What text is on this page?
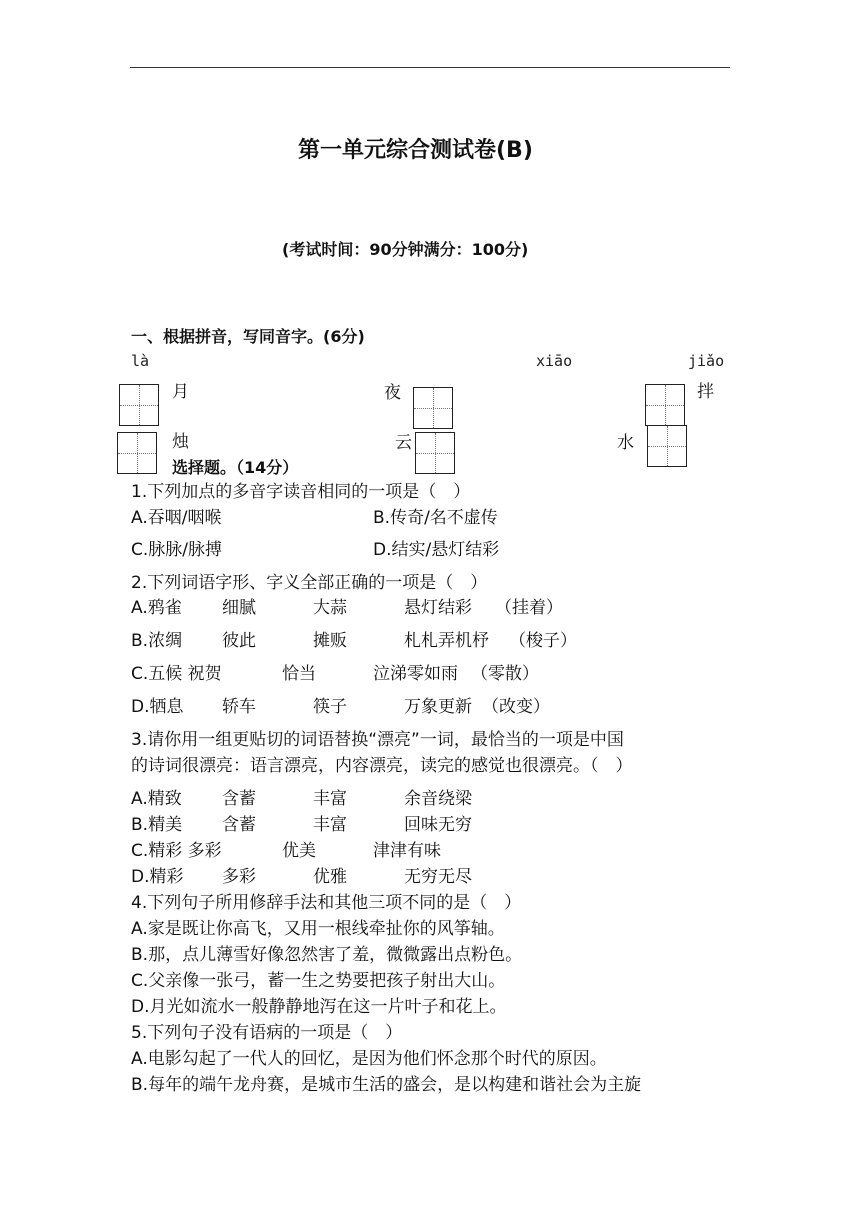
第一单元综合测试卷(B)
(考试时间：90分钟满分：100分)
一、根据拼音，写同音字。(6分)
là	xiāo	jiǎo
月	夜	拌
烛	云	水
选择题。（14分）
1.下列加点的多音字读音相同的一项是（　）
A.吞咽/咽喉	B.传奇/名不虚传
C.脉脉/脉搏	D.结实/悬灯结彩
2.下列词语字形、字义全部正确的一项是（　）
A.鸦雀 细腻	大蒜	悬灯结彩 （挂着）
B.浓绸 彼此	摊贩	札札弄机杼 （梭子）
C.五候 祝贺	恰当	泣涕零如雨 （零散）
D.牺息 轿车	筷子	万象更新 （改变）
3.请你用一组更贴切的词语替换“漂亮”一词，最恰当的一项是中国
的诗词很漂亮：语言漂亮，内容漂亮，读完的感觉也很漂亮。（　）
A.精致 含蓄	丰富	余音绕梁
B.精美 含蓄	丰富	回味无穷
C.精彩 多彩	优美	津津有味
D.精彩 多彩	优雅	无穷无尽
4.下列句子所用修辞手法和其他三项不同的是（　）
A.家是既让你高飞，又用一根线牵扯你的风筝轴。
B.那，点儿薄雪好像忽然害了羞，微微露出点粉色。
C.父亲像一张弓，蓄一生之势要把孩子射出大山。
D.月光如流水一般静静地泻在这一片叶子和花上。
5.下列句子没有语病的一项是（　）
A.电影勾起了一代人的回忆，是因为他们怀念那个时代的原因。
B.每年的端午龙舟赛，是城市生活的盛会，是以构建和谐社会为主旋
